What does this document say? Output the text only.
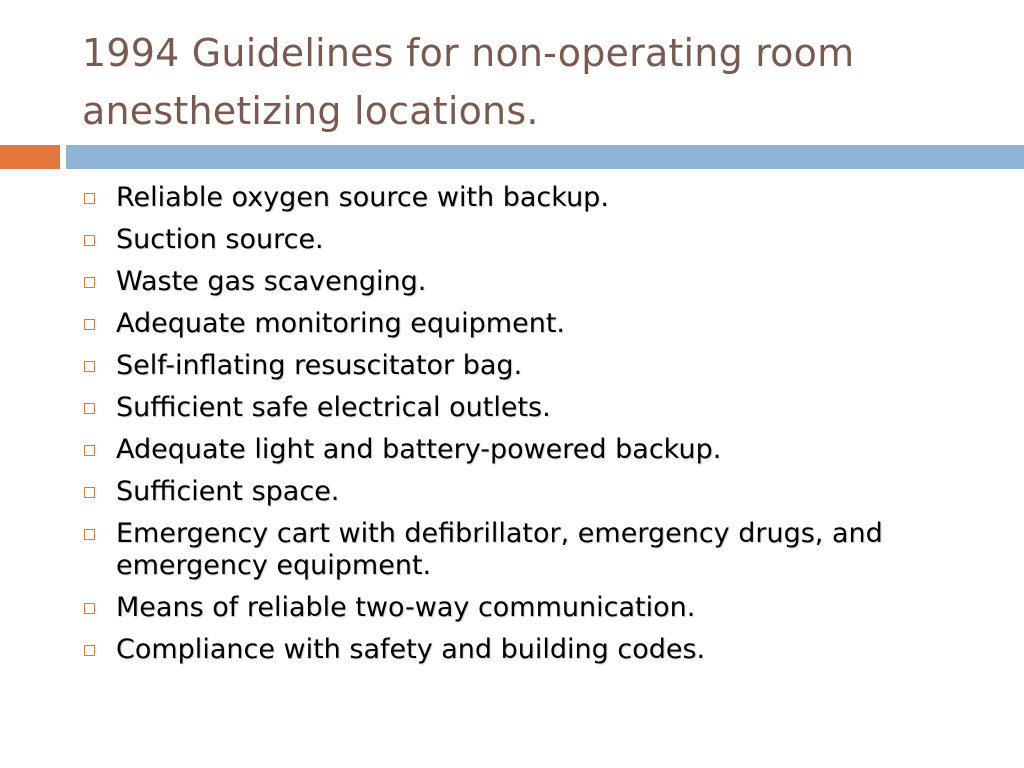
1994 Guidelines for non-operating room anesthetizing locations.
Reliable oxygen source with backup.
Suction source.
Waste gas scavenging.
Adequate monitoring equipment.
Self-inflating resuscitator bag.
Sufficient safe electrical outlets.
Adequate light and battery-powered backup.
Sufficient space.
Emergency cart with defibrillator, emergency drugs, and emergency equipment.
Means of reliable two-way communication.
Compliance with safety and building codes.
